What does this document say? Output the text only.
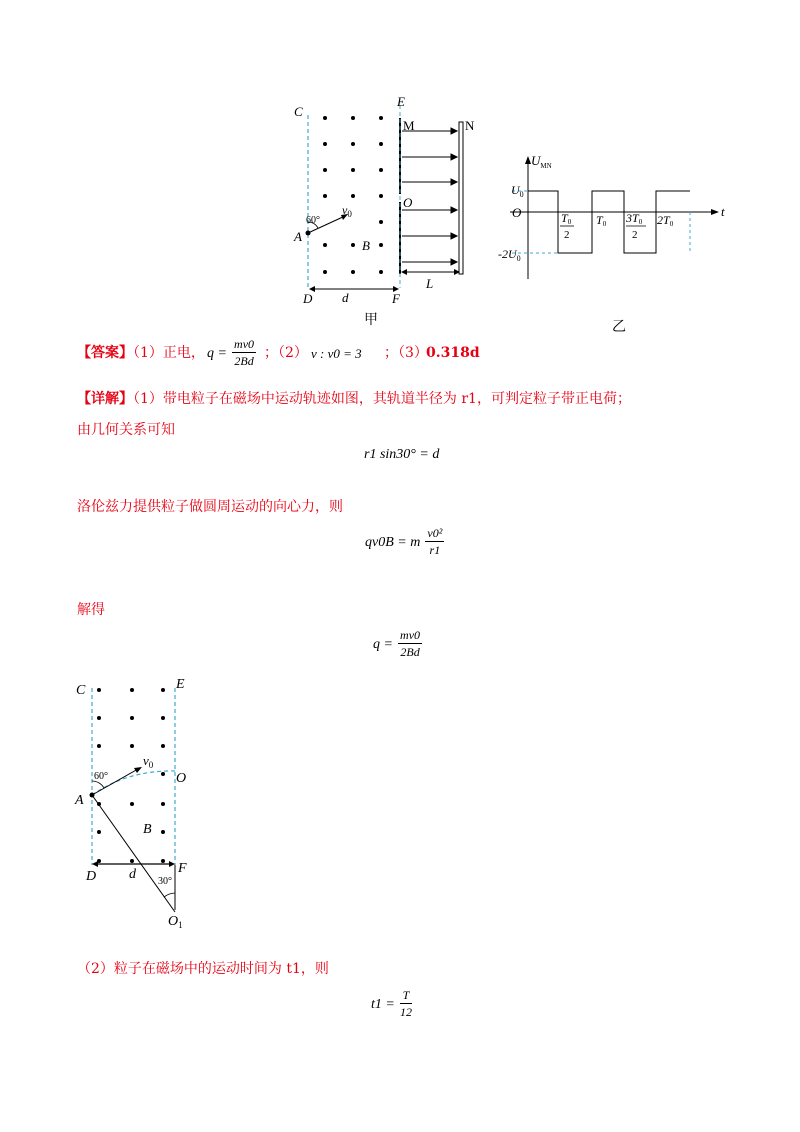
C
E
M	N
O
A
B
D d	F
L
60°
$v_0$
甲
$U_{MN}$
t
O
$U_0$
$-2U_0$
T0
2
T0 3T0
2
2T0
乙
【答案】（1）正电， $q = \frac{mv0}{2Bd}$ ；（2） v : v0 = 3 ；（3）
0.318d
【详解】（1）带电粒子在磁场中运动轨迹如图，其轨道半径为 r1，可判定粒子带正电荷；
由几何关系可知
r1 sin30° = d
洛伦兹力提供粒子做圆周运动的向心力，则
qv0B = m $\frac{\text{v0²}}{r1}$
解得
$q = \frac{mv0}{2Bd}$
C	E
O
A
B
D d	F
60°
30°
$v_0$
$O_1$
（2）粒子在磁场中的运动时间为 t1，则
$t1 = \frac{T}{12}$
